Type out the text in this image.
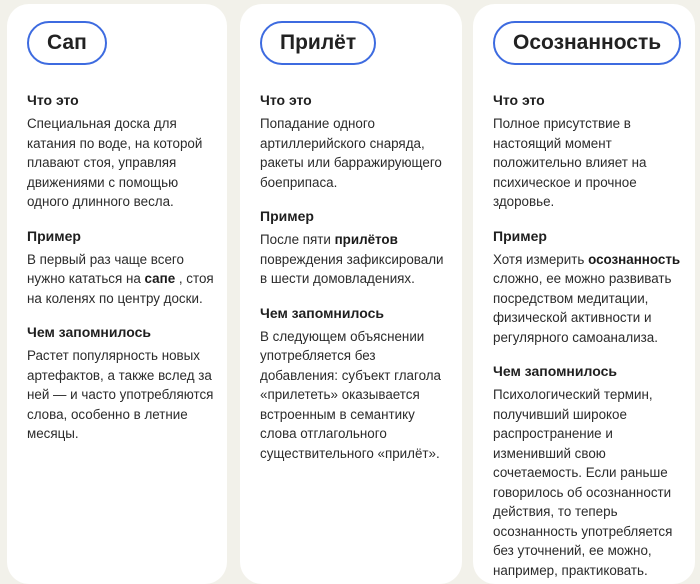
Сап

Что это

Специальная доска для
катания по воде, на которой
плавают стоя, управляя
движениями с помощью
одного длинного весла.

Пример

В первый раз чаще всего
нужно кататься на сапе , стоя
на коленях по центру доски.

Чем запомнилось

Растет популярность новых
артефактов, а также вслед за
ней — и часто употребляются
слова, особенно в летние
месяцы.

Прилёт

Что это

Попадание одного
артиллерийского снаряда,
ракеты или барражирующего
боеприпаса.

Пример

После пяти прилётов
повреждения зафиксировали
в шести домовладениях.

Чем запомнилось

В следующем объяснении
употребляется без
добавления: субъект глагола
«прилететь» оказывается
встроенным в семантику
слова отглагольного
существительного «прилёт».

Осознанность

Что это

Полное присутствие в
настоящий момент
положительно влияет на
психическое и прочное
здоровье.

Пример

Хотя измерить осознанность
сложно, ее можно развивать
посредством медитации,
физической активности и
регулярного самоанализа.

Чем запомнилось

Психологический термин,
получивший широкое
распространение и
изменивший свою
сочетаемость. Если раньше
говорилось об осознанности
действия, то теперь
осознанность употребляется
без уточнений, ее можно,
например, практиковать.
